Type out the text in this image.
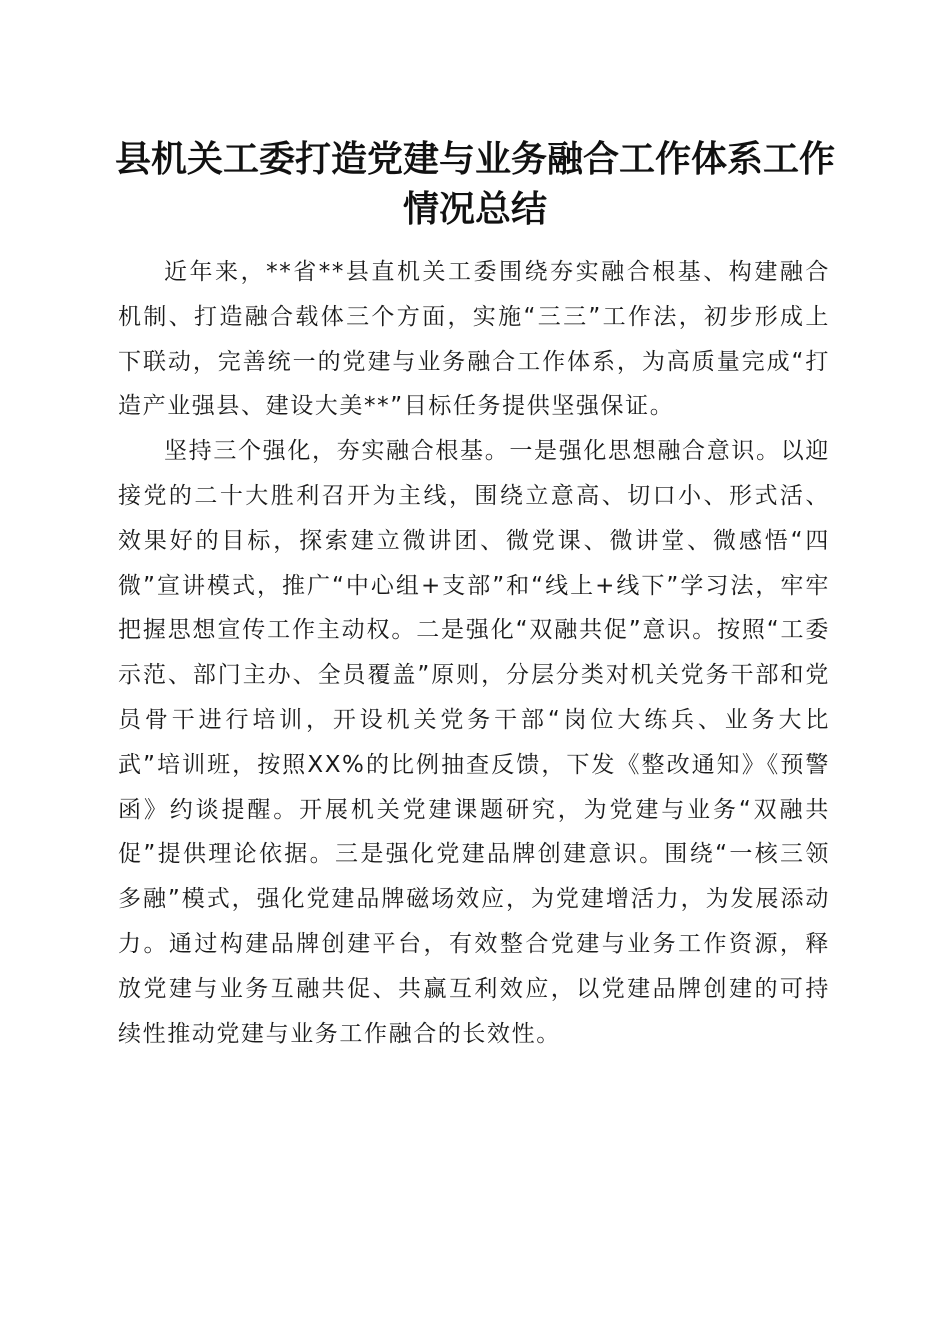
县机关工委打造党建与业务融合工作体系工作情况总结

近年来，**省**县直机关工委围绕夯实融合根基、构建融合机制、打造融合载体三个方面，实施“三三”工作法，初步形成上下联动，完善统一的党建与业务融合工作体系，为高质量完成“打造产业强县、建设大美**”目标任务提供坚强保证。

坚持三个强化，夯实融合根基。一是强化思想融合意识。以迎接党的二十大胜利召开为主线，围绕立意高、切口小、形式活、效果好的目标，探索建立微讲团、微党课、微讲堂、微感悟“四微”宣讲模式，推广“中心组+支部”和“线上+线下”学习法，牢牢把握思想宣传工作主动权。二是强化“双融共促”意识。按照“工委示范、部门主办、全员覆盖”原则，分层分类对机关党务干部和党员骨干进行培训，开设机关党务干部“岗位大练兵、业务大比武”培训班，按照XX%的比例抽查反馈，下发《整改通知》《预警函》约谈提醒。开展机关党建课题研究，为党建与业务“双融共促”提供理论依据。三是强化党建品牌创建意识。围绕“一核三领多融”模式，强化党建品牌磁场效应，为党建增活力，为发展添动力。通过构建品牌创建平台，有效整合党建与业务工作资源，释放党建与业务互融共促、共赢互利效应，以党建品牌创建的可持续性推动党建与业务工作融合的长效性。
